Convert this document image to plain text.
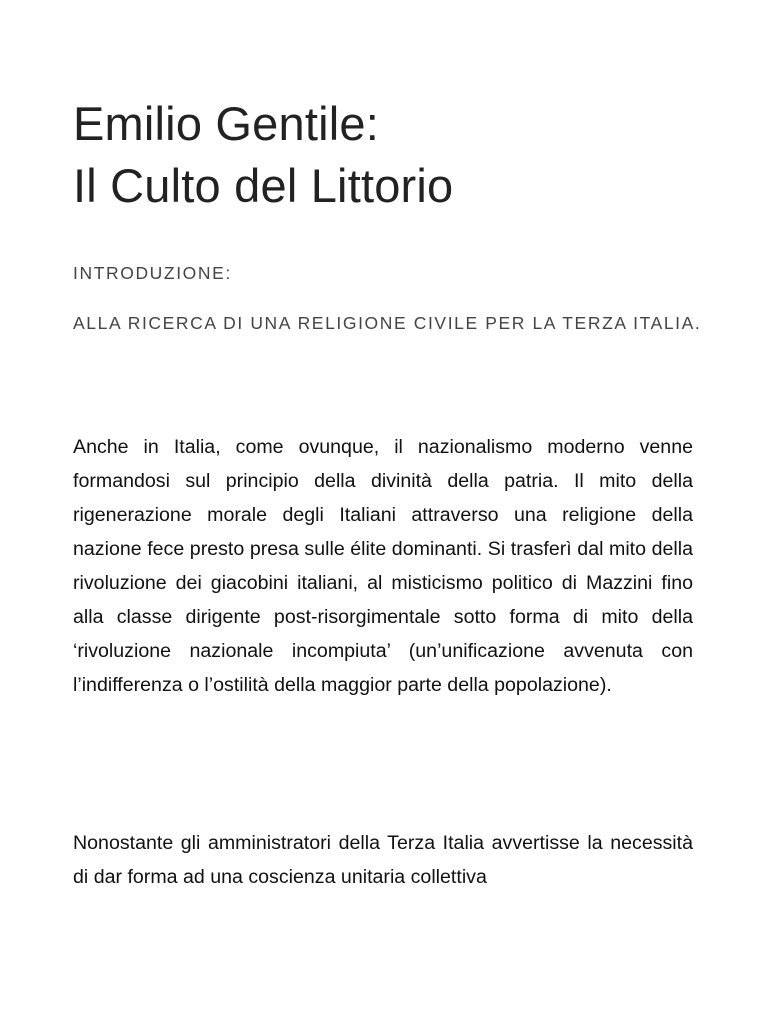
Emilio Gentile:
Il Culto del Littorio
INTRODUZIONE:
ALLA RICERCA DI UNA RELIGIONE CIVILE PER LA TERZA ITALIA.

Anche in Italia, come ovunque, il nazionalismo moderno venne formandosi sul principio della divinità della patria. Il mito della rigenerazione morale degli Italiani attraverso una religione della nazione fece presto presa sulle élite dominanti. Si trasferì dal mito della rivoluzione dei giacobini italiani, al misticismo politico di Mazzini fino alla classe dirigente post-risorgimentale sotto forma di mito della ‘rivoluzione nazionale incompiuta’ (un’unificazione avvenuta con l’indifferenza o l’ostilità della maggior parte della popolazione).

Nonostante gli amministratori della Terza Italia avvertisse la necessità di dar forma ad una coscienza unitaria collettiva
